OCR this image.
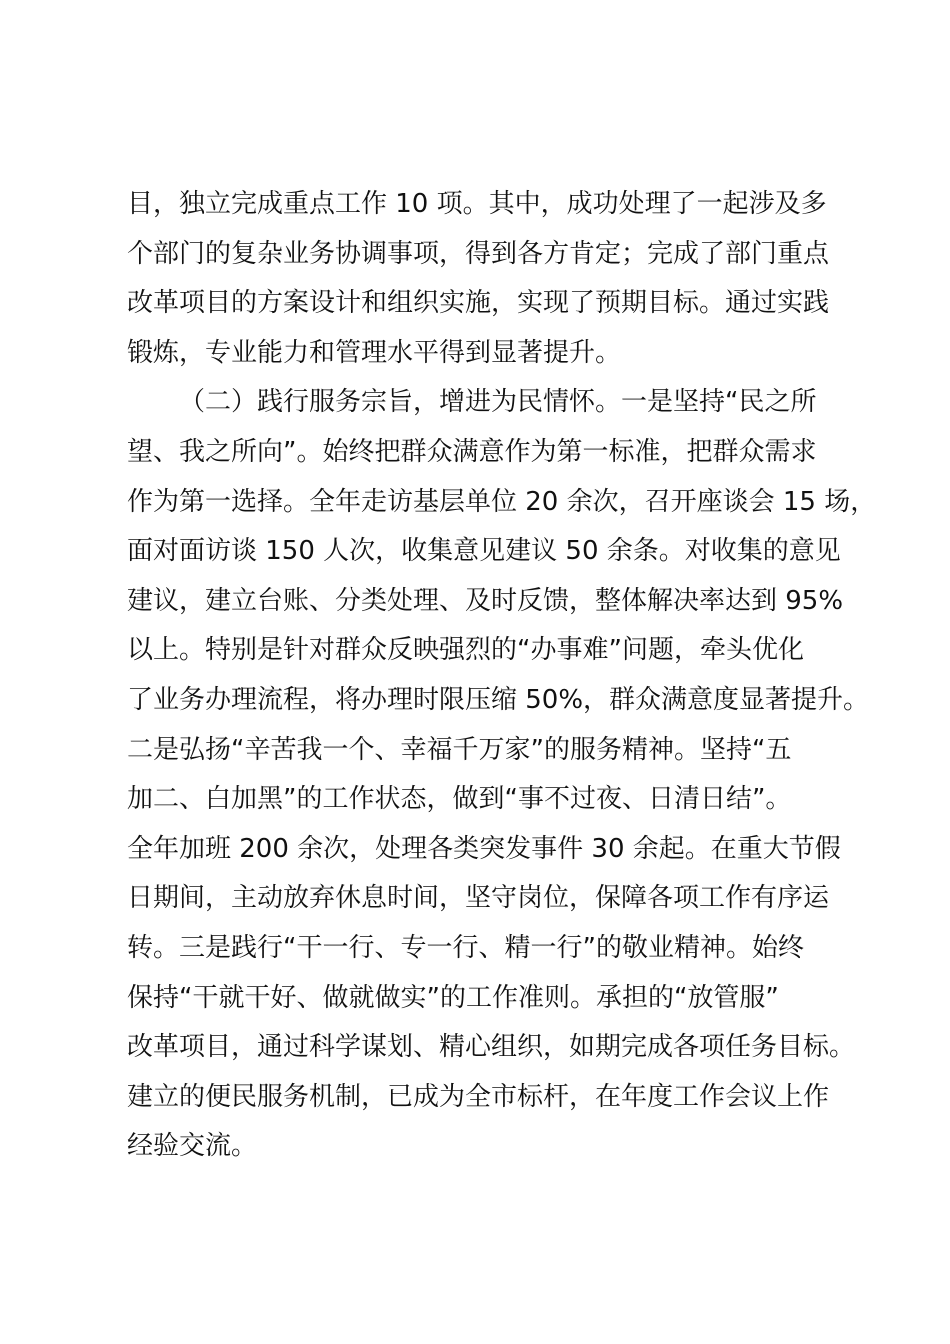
目，独立完成重点工作 10 项。其中，成功处理了一起涉及多
个部门的复杂业务协调事项，得到各方肯定；完成了部门重点
改革项目的方案设计和组织实施，实现了预期目标。通过实践
锻炼，专业能力和管理水平得到显著提升。
（二）践行服务宗旨，增进为民情怀。一是坚持“民之所
望、我之所向”。始终把群众满意作为第一标准，把群众需求
作为第一选择。全年走访基层单位 20 余次，召开座谈会 15 场，
面对面访谈 150 人次，收集意见建议 50 余条。对收集的意见
建议，建立台账、分类处理、及时反馈，整体解决率达到 95%
以上。特别是针对群众反映强烈的“办事难”问题，牵头优化
了业务办理流程，将办理时限压缩 50%，群众满意度显著提升。
二是弘扬“辛苦我一个、幸福千万家”的服务精神。坚持“五
加二、白加黑”的工作状态，做到“事不过夜、日清日结”。
全年加班 200 余次，处理各类突发事件 30 余起。在重大节假
日期间，主动放弃休息时间，坚守岗位，保障各项工作有序运
转。三是践行“干一行、专一行、精一行”的敬业精神。始终
保持“干就干好、做就做实”的工作准则。承担的“放管服”
改革项目，通过科学谋划、精心组织，如期完成各项任务目标。
建立的便民服务机制，已成为全市标杆，在年度工作会议上作
经验交流。
